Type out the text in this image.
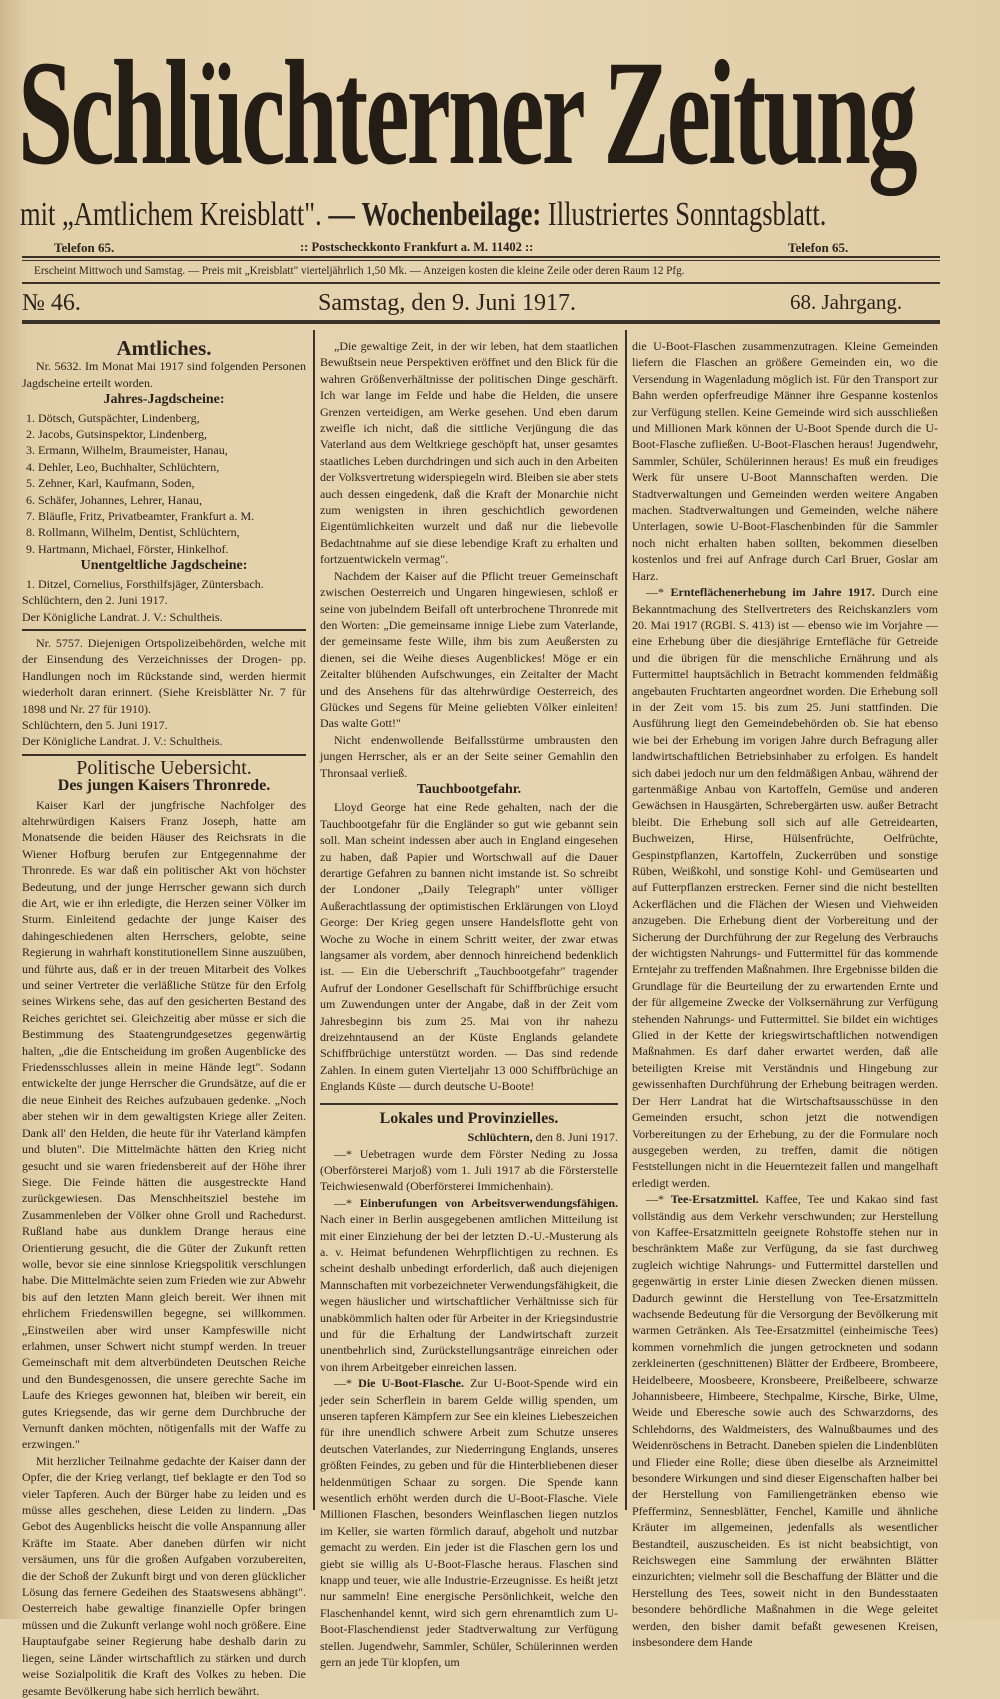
Schlüchterner Zeitung
mit „Amtlichem Kreisblatt". — Wochenbeilage: Illustriertes Sonntagsblatt.
Telefon 65.	:: Postscheckkonto Frankfurt a. M. 11402 ::	Telefon 65.
Erscheint Mittwoch und Samstag. — Preis mit „Kreisblatt" vierteljährlich 1,50 Mk. — Anzeigen kosten die kleine Zeile oder deren Raum 12 Pfg.
№ 46.	Samstag, den 9. Juni 1917.	68. Jahrgang.
Amtliches.

Nr. 5632. Im Monat Mai 1917 sind folgenden Personen Jagdscheine erteilt worden.

Jahres-Jagdscheine:
1. Dötsch, Gutspächter, Lindenberg,
2. Jacobs, Gutsinspektor, Lindenberg,
3. Ermann, Wilhelm, Braumeister, Hanau,
4. Dehler, Leo, Buchhalter, Schlüchtern,
5. Zehner, Karl, Kaufmann, Soden,
6. Schäfer, Johannes, Lehrer, Hanau,
7. Bläufle, Fritz, Privatbeamter, Frankfurt a. M.
8. Rollmann, Wilhelm, Dentist, Schlüchtern,
9. Hartmann, Michael, Förster, Hinkelhof.
Unentgeltliche Jagdscheine:
1. Ditzel, Cornelius, Forsthilfsjäger, Züntersbach.

Schlüchtern, den 2. Juni 1917.

Der Königliche Landrat. J. V.: Schultheis.

Nr. 5757. Diejenigen Ortspolizeibehörden, welche mit der Einsendung des Verzeichnisses der Drogen- pp. Handlungen noch im Rückstande sind, werden hiermit wiederholt daran erinnert. (Siehe Kreisblätter Nr. 7 für 1898 und Nr. 27 für 1910).

Schlüchtern, den 5. Juni 1917.

Der Königliche Landrat. J. V.: Schultheis.

Politische Uebersicht.
Des jungen Kaisers Thronrede.

Kaiser Karl der jungfrische Nachfolger des altehrwürdigen Kaisers Franz Joseph, hatte am Monatsende die beiden Häuser des Reichsrats in die Wiener Hofburg berufen zur Entgegennahme der Thronrede. Es war daß ein politischer Akt von höchster Bedeutung, und der junge Herrscher gewann sich durch die Art, wie er ihn erledigte, die Herzen seiner Völker im Sturm. Einleitend gedachte der junge Kaiser des dahingeschiedenen alten Herrschers, gelobte, seine Regierung in wahrhaft konstitutionellem Sinne auszuüben, und führte aus, daß er in der treuen Mitarbeit des Volkes und seiner Vertreter die verläßliche Stütze für den Erfolg seines Wirkens sehe, das auf den gesicherten Bestand des Reiches gerichtet sei. Gleichzeitig aber müsse er sich die Bestimmung des Staatengrundgesetzes gegenwärtig halten, „die die Entscheidung im großen Augenblicke des Friedensschlusses allein in meine Hände legt". Sodann entwickelte der junge Herrscher die Grundsätze, auf die er die neue Einheit des Reiches aufzubauen gedenke. „Noch aber stehen wir in dem gewaltigsten Kriege aller Zeiten. Dank all' den Helden, die heute für ihr Vaterland kämpfen und bluten". Die Mittelmächte hätten den Krieg nicht gesucht und sie waren friedensbereit auf der Höhe ihrer Siege. Die Feinde hätten die ausgestreckte Hand zurückgewiesen. Das Menschheitsziel bestehe im Zusammenleben der Völker ohne Groll und Rachedurst. Rußland habe aus dunklem Drange heraus eine Orientierung gesucht, die die Güter der Zukunft retten wolle, bevor sie eine sinnlose Kriegspolitik verschlungen habe. Die Mittelmächte seien zum Frieden wie zur Abwehr bis auf den letzten Mann gleich bereit. Wer ihnen mit ehrlichem Friedenswillen begegne, sei willkommen. „Einstweilen aber wird unser Kampfeswille nicht erlahmen, unser Schwert nicht stumpf werden. In treuer Gemeinschaft mit dem altverbündeten Deutschen Reiche und den Bundesgenossen, die unsere gerechte Sache im Laufe des Krieges gewonnen hat, bleiben wir bereit, ein gutes Kriegsende, das wir gerne dem Durchbruche der Vernunft danken möchten, nötigenfalls mit der Waffe zu erzwingen."

Mit herzlicher Teilnahme gedachte der Kaiser dann der Opfer, die der Krieg verlangt, tief beklagte er den Tod so vieler Tapferen. Auch der Bürger habe zu leiden und es müsse alles geschehen, diese Leiden zu lindern. „Das Gebot des Augenblicks heischt die volle Anspannung aller Kräfte im Staate. Aber daneben dürfen wir nicht versäumen, uns für die großen Aufgaben vorzubereiten, die der Schoß der Zukunft birgt und von deren glücklicher Lösung das fernere Gedeihen des Staatswesens abhängt". Oesterreich habe gewaltige finanzielle Opfer bringen müssen und die Zukunft verlange wohl noch größere. Eine Hauptaufgabe seiner Regierung habe deshalb darin zu liegen, seine Länder wirtschaftlich zu stärken und durch weise Sozialpolitik die Kraft des Volkes zu heben. Die gesamte Bevölkerung habe sich herrlich bewährt.

„Die gewaltige Zeit, in der wir leben, hat dem staatlichen Bewußtsein neue Perspektiven eröffnet und den Blick für die wahren Größenverhältnisse der politischen Dinge geschärft. Ich war lange im Felde und habe die Helden, die unsere Grenzen verteidigen, am Werke gesehen. Und eben darum zweifle ich nicht, daß die sittliche Verjüngung die das Vaterland aus dem Weltkriege geschöpft hat, unser gesamtes staatliches Leben durchdringen und sich auch in den Arbeiten der Volksvertretung widerspiegeln wird. Bleiben sie aber stets auch dessen eingedenk, daß die Kraft der Monarchie nicht zum wenigsten in ihren geschichtlich gewordenen Eigentümlichkeiten wurzelt und daß nur die liebevolle Bedachtnahme auf sie diese lebendige Kraft zu erhalten und fortzuentwickeln vermag".

Nachdem der Kaiser auf die Pflicht treuer Gemeinschaft zwischen Oesterreich und Ungaren hingewiesen, schloß er seine von jubelndem Beifall oft unterbrochene Thronrede mit den Worten: „Die gemeinsame innige Liebe zum Vaterlande, der gemeinsame feste Wille, ihm bis zum Aeußersten zu dienen, sei die Weihe dieses Augenblickes! Möge er ein Zeitalter blühenden Aufschwunges, ein Zeitalter der Macht und des Ansehens für das altehrwürdige Oesterreich, des Glückes und Segens für Meine geliebten Völker einleiten! Das walte Gott!"

Nicht endenwollende Beifallsstürme umbrausten den jungen Herrscher, als er an der Seite seiner Gemahlin den Thronsaal verließ.

Tauchbootgefahr.

Lloyd George hat eine Rede gehalten, nach der die Tauchbootgefahr für die Engländer so gut wie gebannt sein soll. Man scheint indessen aber auch in England eingesehen zu haben, daß Papier und Wortschwall auf die Dauer derartige Gefahren zu bannen nicht imstande ist. So schreibt der Londoner „Daily Telegraph" unter völliger Außerachtlassung der optimistischen Erklärungen von Lloyd George: Der Krieg gegen unsere Handelsflotte geht von Woche zu Woche in einem Schritt weiter, der zwar etwas langsamer als vordem, aber dennoch hinreichend bedenklich ist. — Ein die Ueberschrift „Tauchbootgefahr" tragender Aufruf der Londoner Gesellschaft für Schiffbrüchige ersucht um Zuwendungen unter der Angabe, daß in der Zeit vom Jahresbeginn bis zum 25. Mai von ihr nahezu dreizehntausend an der Küste Englands gelandete Schiffbrüchige unterstützt worden. — Das sind redende Zahlen. In einem guten Vierteljahr 13 000 Schiffbrüchige an Englands Küste — durch deutsche U-Boote!

Lokales und Provinzielles.

Schlüchtern, den 8. Juni 1917.

—* Uebetragen wurde dem Förster Neding zu Jossa (Oberförsterei Marjoß) vom 1. Juli 1917 ab die Försterstelle Teichwiesenwald (Oberförsterei Immichenhain).

—* Einberufungen von Arbeitsverwendungsfähigen. Nach einer in Berlin ausgegebenen amtlichen Mitteilung ist mit einer Einziehung der bei der letzten D.-U.-Musterung als a. v. Heimat befundenen Wehrpflichtigen zu rechnen. Es scheint deshalb unbedingt erforderlich, daß auch diejenigen Mannschaften mit vorbezeichneter Verwendungsfähigkeit, die wegen häuslicher und wirtschaftlicher Verhältnisse sich für unabkömmlich halten oder für Arbeiter in der Kriegsindustrie und für die Erhaltung der Landwirtschaft zurzeit unentbehrlich sind, Zurückstellungsanträge einreichen oder von ihrem Arbeitgeber einreichen lassen.

—* Die U-Boot-Flasche. Zur U-Boot-Spende wird ein jeder sein Scherflein in barem Gelde willig spenden, um unseren tapferen Kämpfern zur See ein kleines Liebeszeichen für ihre unendlich schwere Arbeit zum Schutze unseres deutschen Vaterlandes, zur Niederringung Englands, unseres größten Feindes, zu geben und für die Hinterbliebenen dieser heldenmütigen Schaar zu sorgen. Die Spende kann wesentlich erhöht werden durch die U-Boot-Flasche. Viele Millionen Flaschen, besonders Weinflaschen liegen nutzlos im Keller, sie warten förmlich darauf, abgeholt und nutzbar gemacht zu werden. Ein jeder ist die Flaschen gern los und giebt sie willig als U-Boot-Flasche heraus. Flaschen sind knapp und teuer, wie alle Industrie-Erzeugnisse. Es heißt jetzt nur sammeln! Eine energische Persönlichkeit, welche den Flaschenhandel kennt, wird sich gern ehrenamtlich zum U-Boot-Flaschendienst jeder Stadtverwaltung zur Verfügung stellen. Jugendwehr, Sammler, Schüler, Schülerinnen werden gern an jede Tür klopfen, um

die U-Boot-Flaschen zusammenzutragen. Kleine Gemeinden liefern die Flaschen an größere Gemeinden ein, wo die Versendung in Wagenladung möglich ist. Für den Transport zur Bahn werden opferfreudige Männer ihre Gespanne kostenlos zur Verfügung stellen. Keine Gemeinde wird sich ausschließen und Millionen Mark können der U-Boot Spende durch die U-Boot-Flasche zufließen. U-Boot-Flaschen heraus! Jugendwehr, Sammler, Schüler, Schülerinnen heraus! Es muß ein freudiges Werk für unsere U-Boot Mannschaften werden. Die Stadtverwaltungen und Gemeinden werden weitere Angaben machen. Stadtverwaltungen und Gemeinden, welche nähere Unterlagen, sowie U-Boot-Flaschenbinden für die Sammler noch nicht erhalten haben sollten, bekommen dieselben kostenlos und frei auf Anfrage durch Carl Bruer, Goslar am Harz.

—* Ernteflächenerhebung im Jahre 1917. Durch eine Bekanntmachung des Stellvertreters des Reichskanzlers vom 20. Mai 1917 (RGBl. S. 413) ist — ebenso wie im Vorjahre — eine Erhebung über die diesjährige Erntefläche für Getreide und die übrigen für die menschliche Ernährung und als Futtermittel hauptsächlich in Betracht kommenden feldmäßig angebauten Fruchtarten angeordnet worden. Die Erhebung soll in der Zeit vom 15. bis zum 25. Juni stattfinden. Die Ausführung liegt den Gemeindebehörden ob. Sie hat ebenso wie bei der Erhebung im vorigen Jahre durch Befragung aller landwirtschaftlichen Betriebsinhaber zu erfolgen. Es handelt sich dabei jedoch nur um den feldmäßigen Anbau, während der gartenmäßige Anbau von Kartoffeln, Gemüse und anderen Gewächsen in Hausgärten, Schrebergärten usw. außer Betracht bleibt. Die Erhebung soll sich auf alle Getreidearten, Buchweizen, Hirse, Hülsenfrüchte, Oelfrüchte, Gespinstpflanzen, Kartoffeln, Zuckerrüben und sonstige Rüben, Weißkohl, und sonstige Kohl- und Gemüsearten und auf Futterpflanzen erstrecken. Ferner sind die nicht bestellten Ackerflächen und die Flächen der Wiesen und Viehweiden anzugeben. Die Erhebung dient der Vorbereitung und der Sicherung der Durchführung der zur Regelung des Verbrauchs der wichtigsten Nahrungs- und Futtermittel für das kommende Erntejahr zu treffenden Maßnahmen. Ihre Ergebnisse bilden die Grundlage für die Beurteilung der zu erwartenden Ernte und der für allgemeine Zwecke der Volksernährung zur Verfügung stehenden Nahrungs- und Futtermittel. Sie bildet ein wichtiges Glied in der Kette der kriegswirtschaftlichen notwendigen Maßnahmen. Es darf daher erwartet werden, daß alle beteiligten Kreise mit Verständnis und Hingebung zur gewissenhaften Durchführung der Erhebung beitragen werden. Der Herr Landrat hat die Wirtschaftsausschüsse in den Gemeinden ersucht, schon jetzt die notwendigen Vorbereitungen zu der Erhebung, zu der die Formulare noch ausgegeben werden, zu treffen, damit die nötigen Feststellungen nicht in die Heuerntezeit fallen und mangelhaft erledigt werden.

—* Tee-Ersatzmittel. Kaffee, Tee und Kakao sind fast vollständig aus dem Verkehr verschwunden; zur Herstellung von Kaffee-Ersatzmitteln geeignete Rohstoffe stehen nur in beschränktem Maße zur Verfügung, da sie fast durchweg zugleich wichtige Nahrungs- und Futtermittel darstellen und gegenwärtig in erster Linie diesen Zwecken dienen müssen. Dadurch gewinnt die Herstellung von Tee-Ersatzmitteln wachsende Bedeutung für die Versorgung der Bevölkerung mit warmen Getränken. Als Tee-Ersatzmittel (einheimische Tees) kommen vornehmlich die jungen getrockneten und sodann zerkleinerten (geschnittenen) Blätter der Erdbeere, Brombeere, Heidelbeere, Moosbeere, Kronsbeere, Preißelbeere, schwarze Johannisbeere, Himbeere, Stechpalme, Kirsche, Birke, Ulme, Weide und Eberesche sowie auch des Schwarzdorns, des Schlehdorns, des Waldmeisters, des Walnußbaumes und des Weidenröschens in Betracht. Daneben spielen die Lindenblüten und Flieder eine Rolle; diese üben dieselbe als Arzneimittel besondere Wirkungen und sind dieser Eigenschaften halber bei der Herstellung von Familiengetränken ebenso wie Pfefferminz, Sennesblätter, Fenchel, Kamille und ähnliche Kräuter im allgemeinen, jedenfalls als wesentlicher Bestandteil, auszuscheiden. Es ist nicht beabsichtigt, von Reichswegen eine Sammlung der erwähnten Blätter einzurichten; vielmehr soll die Beschaffung der Blätter und die Herstellung des Tees, soweit nicht in den Bundesstaaten besondere behördliche Maßnahmen in die Wege geleitet werden, den bisher damit befaßt gewesenen Kreisen, insbesondere dem Hande
